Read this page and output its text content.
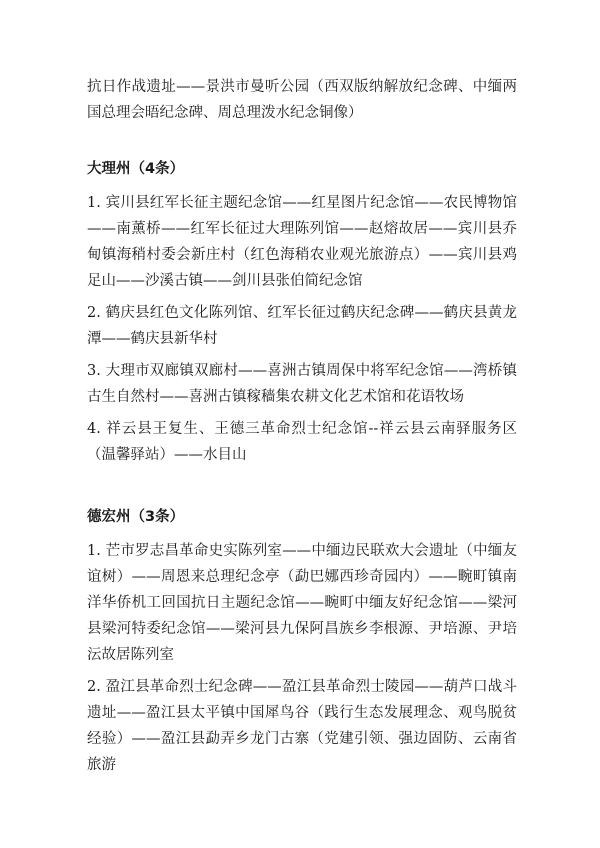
抗日作战遗址——景洪市曼听公园（西双版纳解放纪念碑、中缅两国总理会晤纪念碑、周总理泼水纪念铜像）

大理州（4条）

1. 宾川县红军长征主题纪念馆——红星图片纪念馆——农民博物馆——南薰桥——红军长征过大理陈列馆——赵熔故居——宾川县乔甸镇海稍村委会新庄村（红色海稍农业观光旅游点）——宾川县鸡足山——沙溪古镇——剑川县张伯简纪念馆

2. 鹤庆县红色文化陈列馆、红军长征过鹤庆纪念碑——鹤庆县黄龙潭——鹤庆县新华村

3. 大理市双廊镇双廊村——喜洲古镇周保中将军纪念馆——湾桥镇古生自然村——喜洲古镇稼穑集农耕文化艺术馆和花语牧场

4. 祥云县王复生、王德三革命烈士纪念馆--祥云县云南驿服务区（温馨驿站）——水目山

德宏州（3条）

1. 芒市罗志昌革命史实陈列室——中缅边民联欢大会遗址（中缅友谊树）——周恩来总理纪念亭（勐巴娜西珍奇园内）——畹町镇南洋华侨机工回国抗日主题纪念馆——畹町中缅友好纪念馆——梁河县梁河特委纪念馆——梁河县九保阿昌族乡李根源、尹培源、尹培沄故居陈列室

2. 盈江县革命烈士纪念碑——盈江县革命烈士陵园——葫芦口战斗遗址——盈江县太平镇中国犀鸟谷（践行生态发展理念、观鸟脱贫经验）——盈江县勐弄乡龙门古寨（党建引领、强边固防、云南省旅游
